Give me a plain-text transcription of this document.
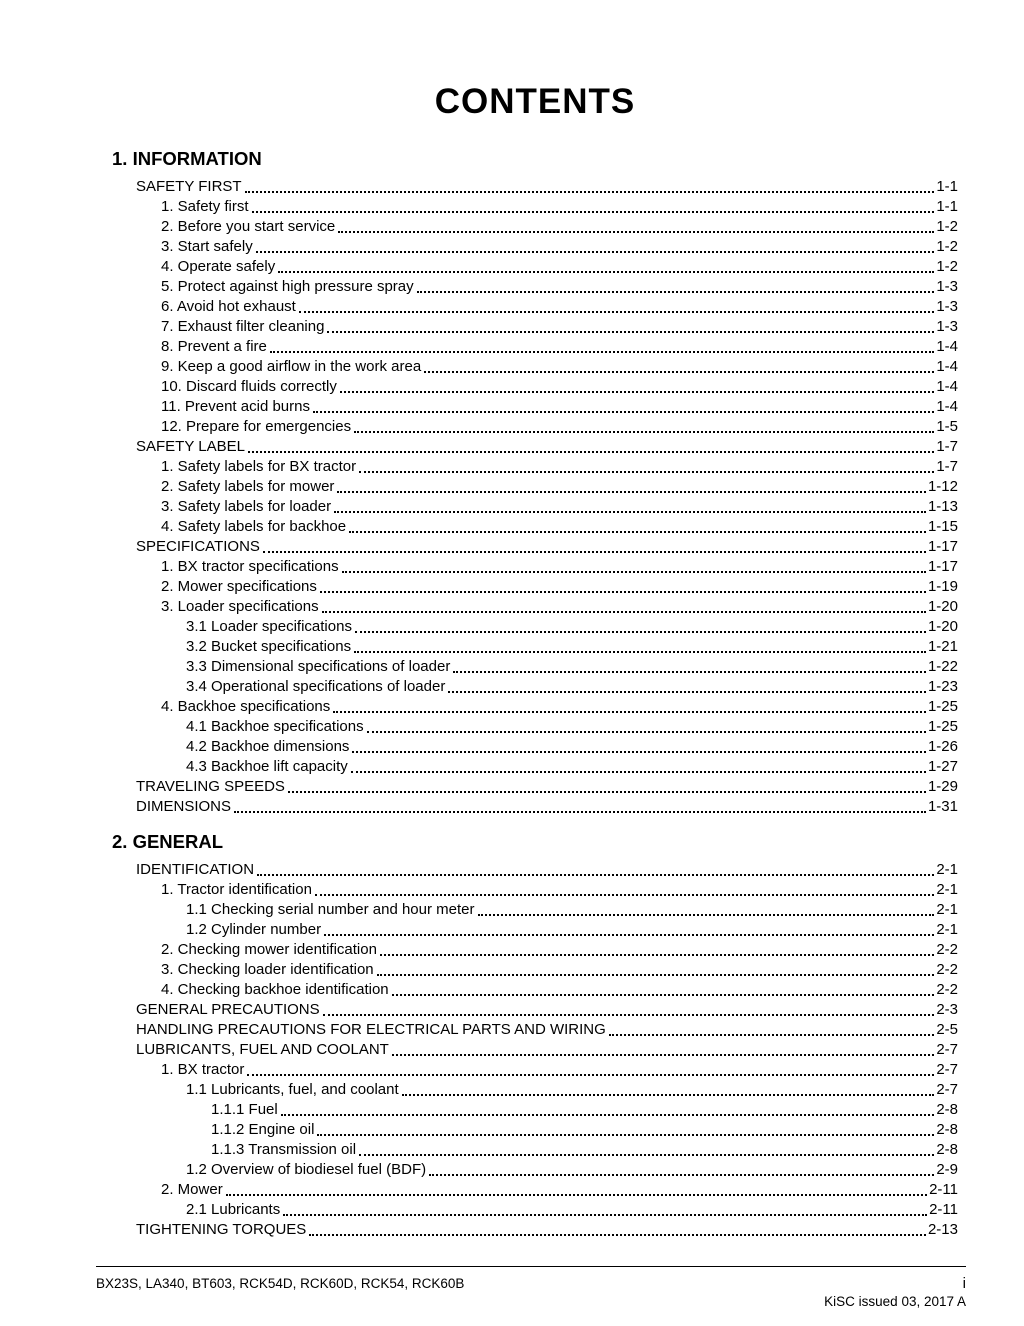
CONTENTS
1. INFORMATION
SAFETY FIRST	1-1
1. Safety first	1-1
2. Before you start service	1-2
3. Start safely	1-2
4. Operate safely	1-2
5. Protect against high pressure spray	1-3
6. Avoid hot exhaust	1-3
7. Exhaust filter cleaning	1-3
8. Prevent a fire	1-4
9. Keep a good airflow in the work area	1-4
10. Discard fluids correctly	1-4
11. Prevent acid burns	1-4
12. Prepare for emergencies	1-5
SAFETY LABEL	1-7
1. Safety labels for BX tractor	1-7
2. Safety labels for mower	1-12
3. Safety labels for loader	1-13
4. Safety labels for backhoe	1-15
SPECIFICATIONS	1-17
1. BX tractor specifications	1-17
2. Mower specifications	1-19
3. Loader specifications	1-20
3.1 Loader specifications	1-20
3.2 Bucket specifications	1-21
3.3 Dimensional specifications of loader	1-22
3.4 Operational specifications of loader	1-23
4. Backhoe specifications	1-25
4.1 Backhoe specifications	1-25
4.2 Backhoe dimensions	1-26
4.3 Backhoe lift capacity	1-27
TRAVELING SPEEDS	1-29
DIMENSIONS	1-31
2. GENERAL
IDENTIFICATION	2-1
1. Tractor identification	2-1
1.1 Checking serial number and hour meter	2-1
1.2 Cylinder number	2-1
2. Checking mower identification	2-2
3. Checking loader identification	2-2
4. Checking backhoe identification	2-2
GENERAL PRECAUTIONS	2-3
HANDLING PRECAUTIONS FOR ELECTRICAL PARTS AND WIRING	2-5
LUBRICANTS, FUEL AND COOLANT	2-7
1. BX tractor	2-7
1.1 Lubricants, fuel, and coolant	2-7
1.1.1 Fuel	2-8
1.1.2 Engine oil	2-8
1.1.3 Transmission oil	2-8
1.2 Overview of biodiesel fuel (BDF)	2-9
2. Mower	2-11
2.1 Lubricants	2-11
TIGHTENING TORQUES	2-13
BX23S, LA340, BT603, RCK54D, RCK60D, RCK54, RCK60B	i
KiSC issued 03, 2017 A
